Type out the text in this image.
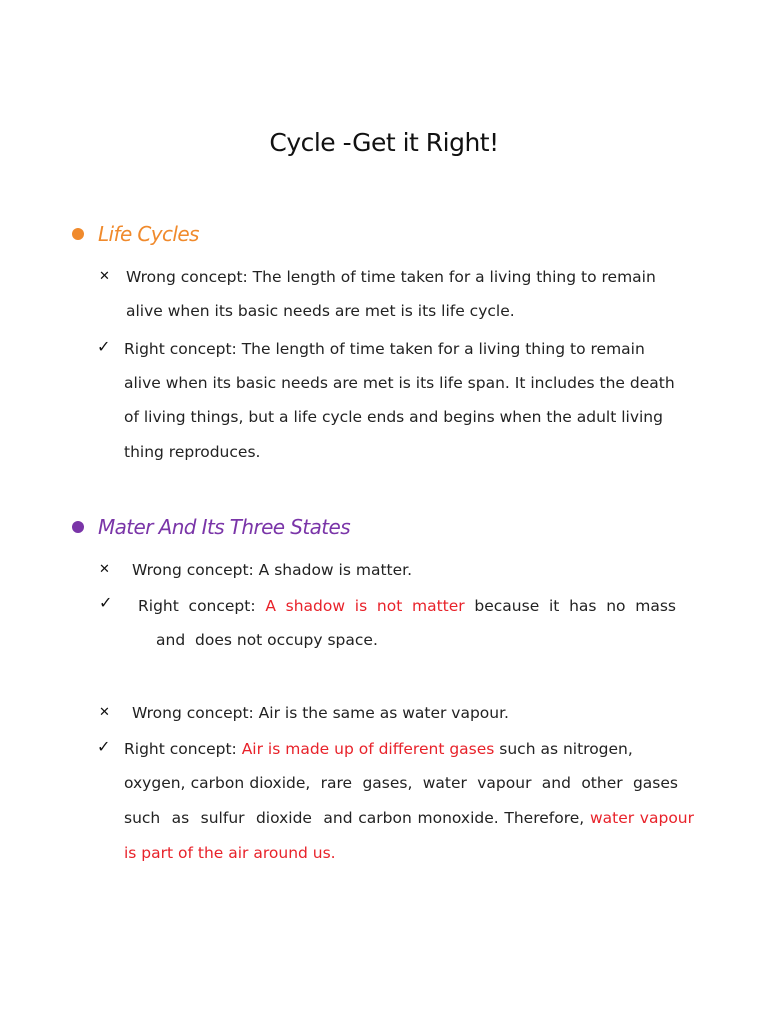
Cycle -Get it Right!
Life Cycles
✕ Wrong concept: The length of time taken for a living thing to remain
alive when its basic needs are met is its life cycle.
✓ Right concept: The length of time taken for a living thing to remain
alive when its basic needs are met is its life span. It includes the death
of living things, but a life cycle ends and begins when the adult living
thing reproduces.
Mater And Its Three States
✕ Wrong concept: A shadow is matter.
✓ Right concept: A shadow is not matter because it has no mass
and  does not occupy space.
✕ Wrong concept: Air is the same as water vapour.
✓ Right concept: Air is made up of different gases such as nitrogen,
oxygen, carbon dioxide,  rare  gases,  water  vapour  and  other  gases
such  as  sulfur  dioxide  and carbon monoxide. Therefore, water vapour
is part of the air around us.
